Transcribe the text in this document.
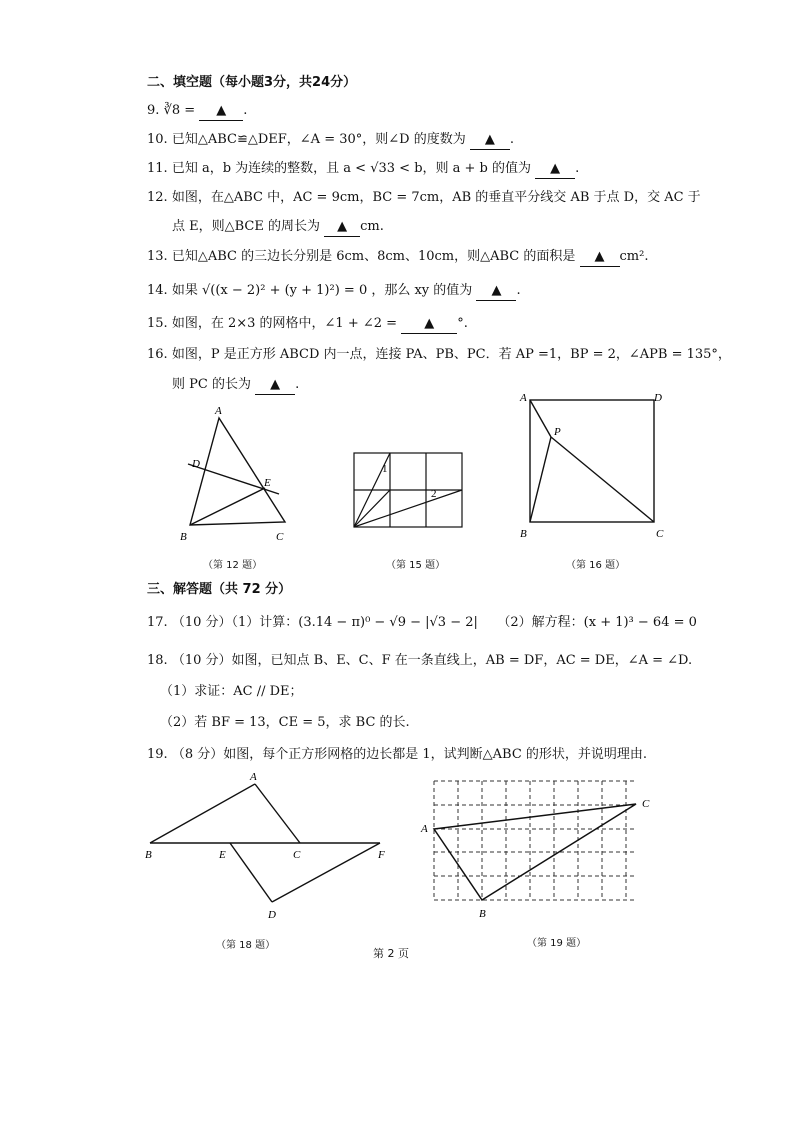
二、填空题（每小题3分，共24分）
9. ∛8 = ▲ .
10. 已知△ABC≌△DEF，∠A = 30°，则∠D 的度数为 ▲ .
11. 已知 a，b 为连续的整数，且 a < √33 < b，则 a + b 的值为 ▲ .
12. 如图，在△ABC 中，AC = 9cm，BC = 7cm，AB 的垂直平分线交 AB 于点 D，交 AC 于
点 E，则△BCE 的周长为 ▲ cm.
13. 已知△ABC 的三边长分别是 6cm、8cm、10cm，则△ABC 的面积是 ▲ cm².
14. 如果 √((x − 2)² + (y + 1)²) = 0 ，那么 xy 的值为 ▲ .
15. 如图，在 2×3 的网格中，∠1 + ∠2 = ▲ °.
16. 如图，P 是正方形 ABCD 内一点，连接 PA、PB、PC．若 AP =1，BP = 2，∠APB = 135°，
则 PC 的长为 ▲ .
A
B	C
D
E
（第 12 题）
1
2
（第 15 题）
A	D
B	C
P
（第 16 题）
三、解答题（共 72 分）
17. （10 分）（1）计算：(3.14 − π)⁰ − √9 − |√3 − 2|　　（2）解方程：(x + 1)³ − 64 = 0
18. （10 分）如图，已知点 B、E、C、F 在一条直线上，AB = DF，AC = DE，∠A = ∠D.
（1）求证：AC // DE；
（2）若 BF = 13，CE = 5，求 BC 的长.
19. （8 分）如图，每个正方形网格的边长都是 1，试判断△ABC 的形状，并说明理由.
A
B	E	C	F
D
（第 18 题）
A
C
B
（第 19 题）
第 2 页
